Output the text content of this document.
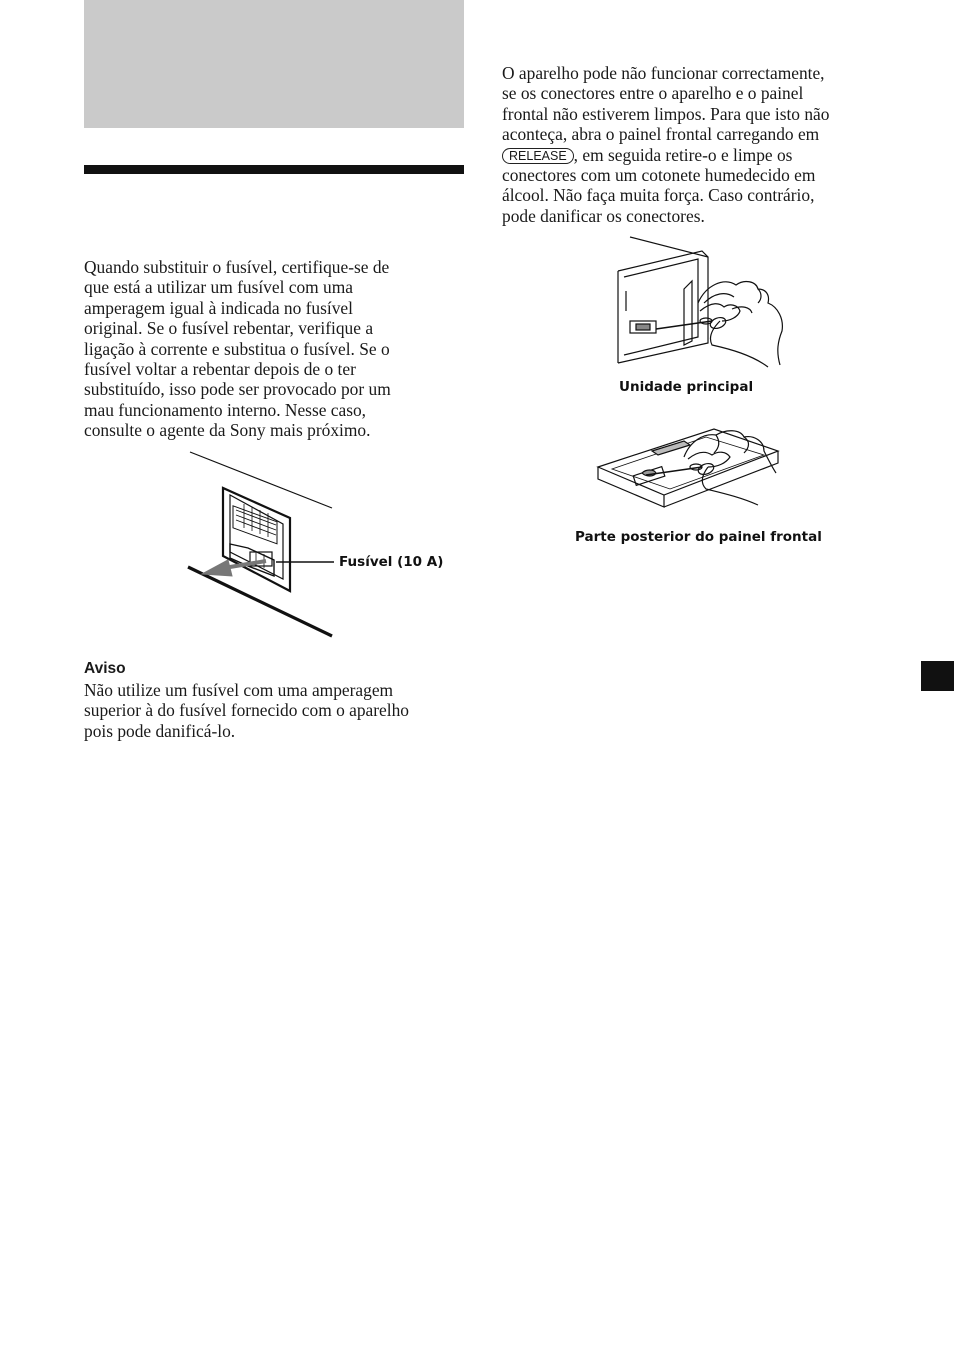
Quando substituir o fusível, certifique-se de
que está a utilizar um fusível com uma
amperagem igual à indicada no fusível
original. Se o fusível rebentar, verifique a
ligação à corrente e substitua o fusível. Se o
fusível voltar a rebentar depois de o ter
substituído, isso pode ser provocado por um
mau funcionamento interno. Nesse caso,
consulte o agente da Sony mais próximo.
Fusível (10 A)
Aviso
Não utilize um fusível com uma amperagem
superior à do fusível fornecido com o aparelho
pois pode danificá-lo.
O aparelho pode não funcionar correctamente,
se os conectores entre o aparelho e o painel
frontal não estiverem limpos. Para que isto não
aconteça, abra o painel frontal carregando em
RELEASE , em seguida retire-o e limpe os
conectores com um cotonete humedecido em
álcool. Não faça muita força. Caso contrário,
pode danificar os conectores.
Unidade principal
Parte posterior do painel frontal
